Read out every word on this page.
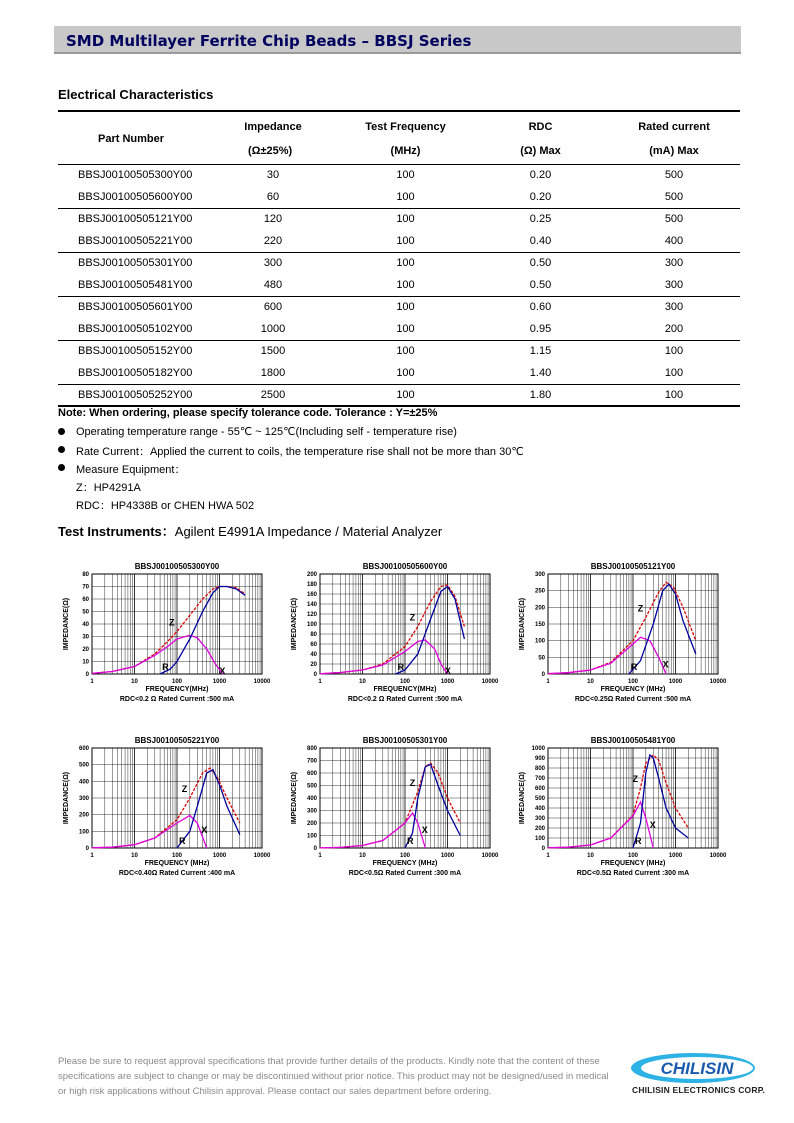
SMD Multilayer Ferrite Chip Beads – BBSJ Series
Electrical Characteristics
Part Number	Impedance	Test Frequency	RDC	Rated current
	(Ω±25%)	(MHz)	(Ω) Max	(mA) Max
BBSJ00100505300Y00	30	100	0.20	500
BBSJ00100505600Y00	60	100	0.20	500
BBSJ00100505121Y00	120	100	0.25	500
BBSJ00100505221Y00	220	100	0.40	400
BBSJ00100505301Y00	300	100	0.50	300
BBSJ00100505481Y00	480	100	0.50	300
BBSJ00100505601Y00	600	100	0.60	300
BBSJ00100505102Y00	1000	100	0.95	200
BBSJ00100505152Y00	1500	100	1.15	100
BBSJ00100505182Y00	1800	100	1.40	100
BBSJ00100505252Y00	2500	100	1.80	100
Note: When ordering, please specify tolerance code. Tolerance : Y=±25%
Operating temperature range - 55℃ ~ 125℃(Including self - temperature rise)
Rate Current：Applied the current to coils, the temperature rise shall not be more than 30℃
Measure Equipment：
Z：HP4291A
RDC：HP4338B or CHEN HWA 502
Test Instruments：Agilent E4991A Impedance / Material Analyzer
BBSJ00100505300Y00
0
10
20
30
40
50
60
70
80
1	10	100	1000	10000
Z
X
R
FREQUENCY(MHz)
IMPEDANCE(Ω)
RDC<0.2 Ω Rated Current :500 mA
BBSJ00100505600Y00
0
20
40
60
80
100
120
140
160
180
200
1	10	100	1000	10000
Z
X
R
FREQUENCY(MHz)
IMPEDANCE(Ω)
RDC<0.2 Ω Rated Current :500 mA
BBSJ00100505121Y00
0
50
100
150
200
250
300
1	10	100	1000	10000
Z
X
R
FREQUENCY (MHz)
IMPEDANCE(Ω)
RDC<0.25Ω Rated Current :500 mA
BBSJ00100505221Y00
0
100
200
300
400
500
600
1	10	100	1000	10000
Z
X
R
FREQUENCY (MHz)
IMPEDANCE(Ω)
RDC<0.40Ω Rated Current :400 mA
BBSJ00100505301Y00
0
100
200
300
400
500
600
700
800
1	10	100	1000	10000
Z
X
R
FREQUENCY (MHz)
IMPEDANCE(Ω)
RDC<0.5Ω Rated Current :300 mA
BBSJ00100505481Y00
0
100
200
300
400
500
600
700
800
900
1000
1	10	100	1000	10000
Z
X
R
FREQUENCY (MHz)
IMPEDANCE(Ω)
RDC<0.5Ω Rated Current :300 mA
Please be sure to request approval specifications that provide further details of the products. Kindly note that the content of these specifications are subject to change or may be discontinued without prior notice. This product may not be designed/used in medical or high risk applications without Chilisin approval. Please contact our sales department before ordering.
CHILISIN
CHILISIN ELECTRONICS CORP.
